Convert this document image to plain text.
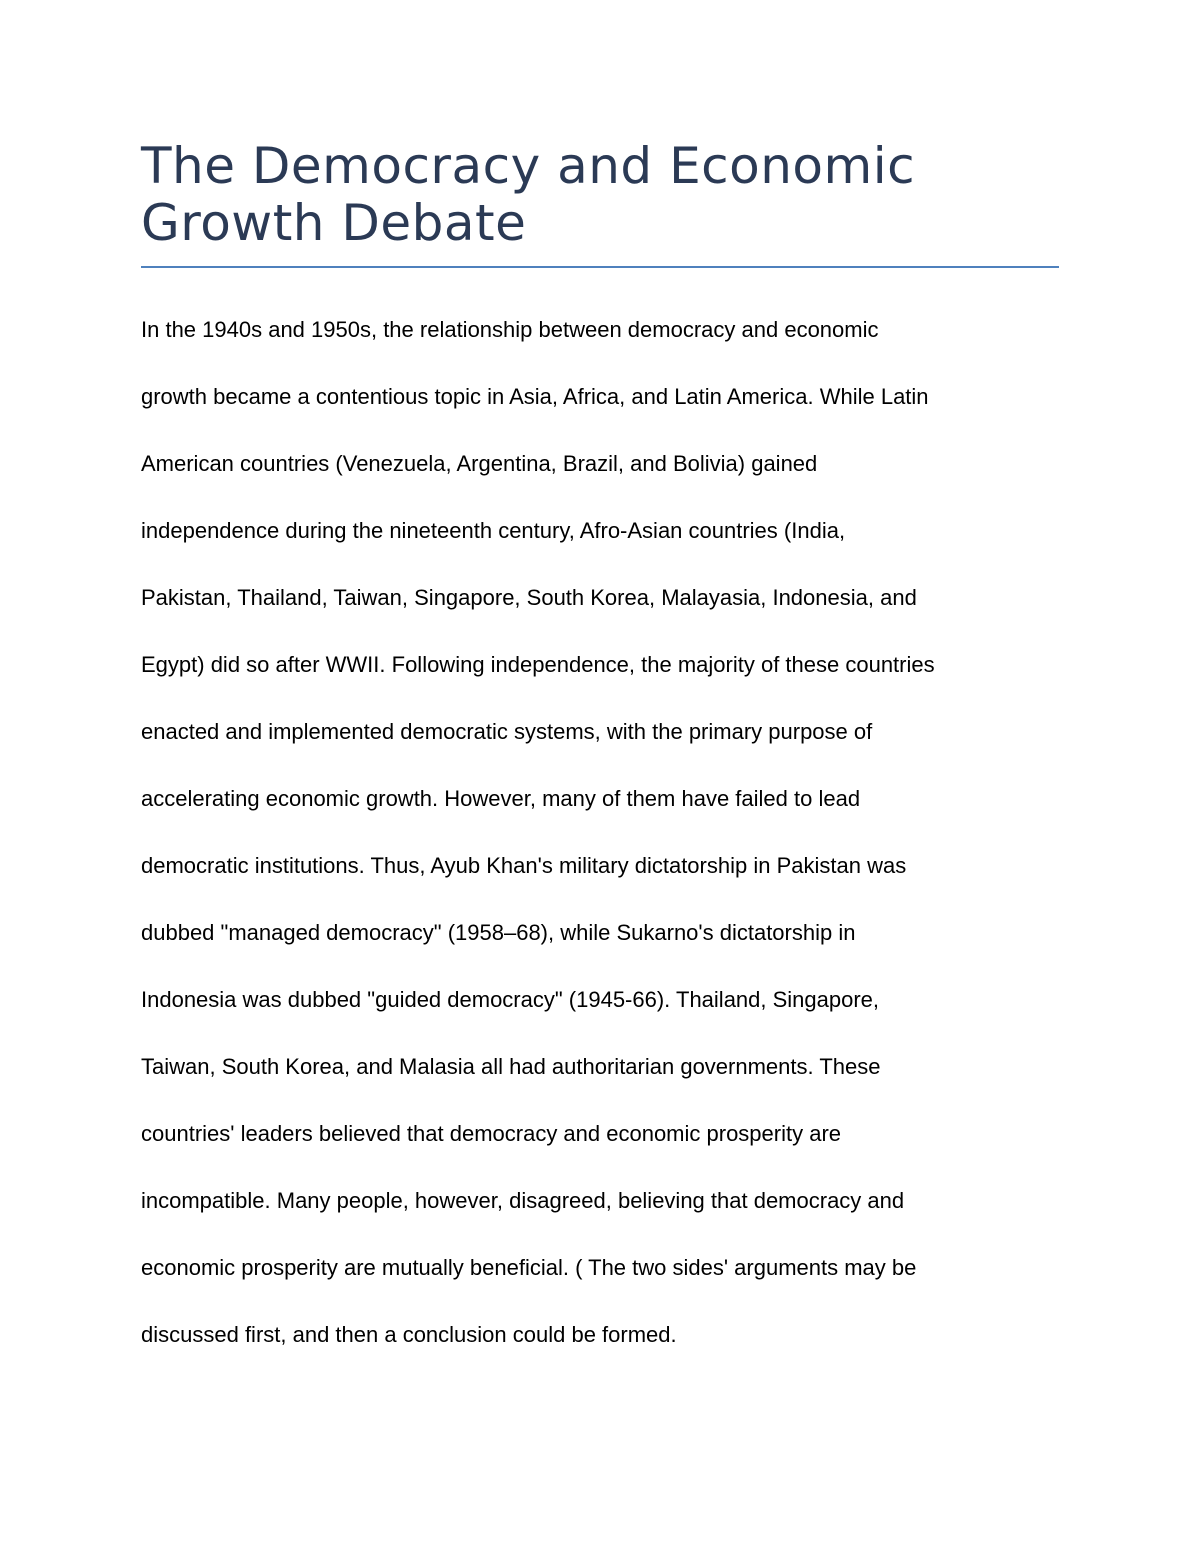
The Democracy and Economic Growth Debate

In the 1940s and 1950s, the relationship between democracy and economic
growth became a contentious topic in Asia, Africa, and Latin America. While Latin
American countries (Venezuela, Argentina, Brazil, and Bolivia) gained
independence during the nineteenth century, Afro-Asian countries (India,
Pakistan, Thailand, Taiwan, Singapore, South Korea, Malayasia, Indonesia, and
Egypt) did so after WWII. Following independence, the majority of these countries
enacted and implemented democratic systems, with the primary purpose of
accelerating economic growth. However, many of them have failed to lead
democratic institutions. Thus, Ayub Khan's military dictatorship in Pakistan was
dubbed "managed democracy" (1958–68), while Sukarno's dictatorship in
Indonesia was dubbed "guided democracy" (1945-66). Thailand, Singapore,
Taiwan, South Korea, and Malasia all had authoritarian governments. These
countries' leaders believed that democracy and economic prosperity are
incompatible. Many people, however, disagreed, believing that democracy and
economic prosperity are mutually beneficial. ( The two sides' arguments may be
discussed first, and then a conclusion could be formed.
